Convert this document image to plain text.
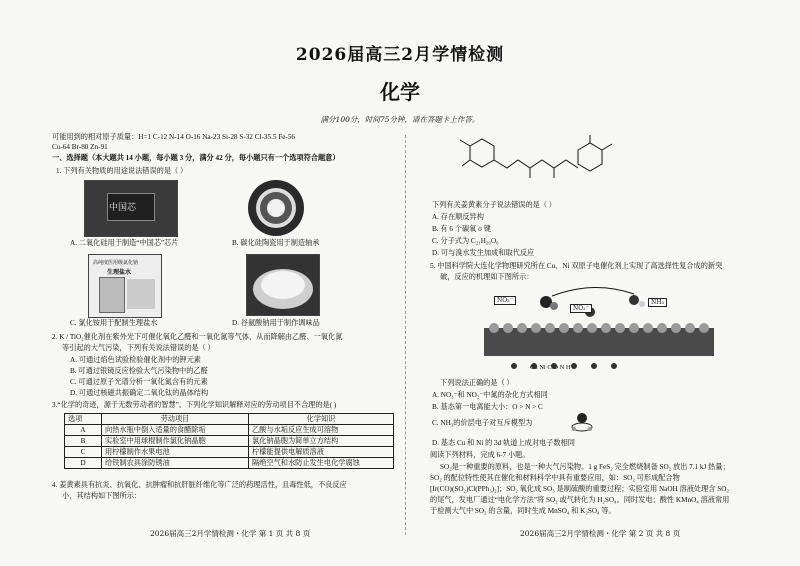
2026届高三2月学情检测
化学
满分100分，时间75分钟，请在答题卡上作答。
可能用到的相对原子质量：H=1 C-12 N-14 O-16 Na-23 Si-28 S-32 Cl-35.5 Fe-56
Cu-64 Br-80 Zn-91
一、选择题（本大题共 14 小题，每小题 3 分，满分 42 分，每小题只有一个选项符合题意）
1. 下列有关物质的用途说法错误的是（ ）
中国芯
A. 二氧化硅用于制造“中国芯”芯片	B. 碳化硅陶瓷用于制造轴承
高纯度医用级氯化钠
生理盐水
C. 氯化铵用于配制生理盐水	D. 谷氨酸钠用于制作调味品
2. K / TiO₂催化剂在紫外光下可催化氧化乙醛和一氧化氮等气体，从而降解由乙醛、一氧化氮
等引起的大气污染，下列有关说法错误的是（ ）
A. 可通过焰色试验检验催化剂中的钾元素
B. 可通过银镜反应检验大气污染物中的乙醛
C. 可通过原子光谱分析一氧化氮含有的元素
D. 可通过核磁共振确定二氧化钛的晶体结构
3.“化学的奇迹，源于无数劳动者的智慧”。下列化学知识解释对应的劳动项目不合理的是( )
选项	劳动项目	化学知识
A	向热水瓶中倒入适量的食醋除垢	乙酸与水垢反应生成可溶物
B	实验室中用球棍制作氯化钠晶胞	氯化钠晶胞为简单立方结构
C	用柠檬制作水果电池	柠檬能提供电解质溶液
D	给铁制农具涂防锈油	隔绝空气和水防止发生电化学腐蚀
4. 姜黄素具有抗炎、抗氧化、抗肿瘤和抗肝脏纤维化等广泛的药理活性，且毒性低，不良反应
小，其结构如下图所示：
2026届高三2月学情检测・化学 第 1 页 共 8 页
下列有关姜黄素分子说法错误的是（ ）
A. 存在顺反异构
B. 有 6 个碳氧 σ 键
C. 分子式为 C₂₁H₂₀O₆
D. 可与溴水发生加成和取代反应
5. 中国科学院大连化学物理研究所在 Cu、Ni 双原子电催化剂上实现了高选择性复合成的新突
破，反应的机理如下图所示：
NO₃⁻
NO₂⁻
NH₃
Cu Ni C O N H
下列说法正确的是（ ）
A. NO₃⁻和 NO₂⁻中氮的杂化方式相同
B. 基态第一电离能大小：O > N > C
C. NH₃的价层电子对互斥模型为
D. 基态 Cu 和 Ni 的 3d 轨道上成对电子数相同
阅读下列材料，完成 6-7 小题。
SO₂是一种重要的原料，也是一种大气污染物。1 g FeS₂ 完全燃烧制备 SO₂ 放出 7.1 kJ 热量；
SO₂ 的配位特性使其在催化和材料科学中具有重要应用，如：SO₂ 可形成配合物
[Ir(CO)(SO₂)Cl(PPh₃)₂]；SO₂ 氧化成 SO₃ 是制硫酸的重要过程；实验室用 NaOH 溶液处理含 SO₂
的尾气，发电厂通过“电化学方法”将 SO₂ 或气转化为 H₂SO₄。同时发电；酸性 KMnO₄ 溶液常用
于检测大气中 SO₂ 的含量，同时生成 MnSO₄ 和 K₂SO₄ 等。
2026届高三2月学情检测・化学 第 2 页 共 8 页
